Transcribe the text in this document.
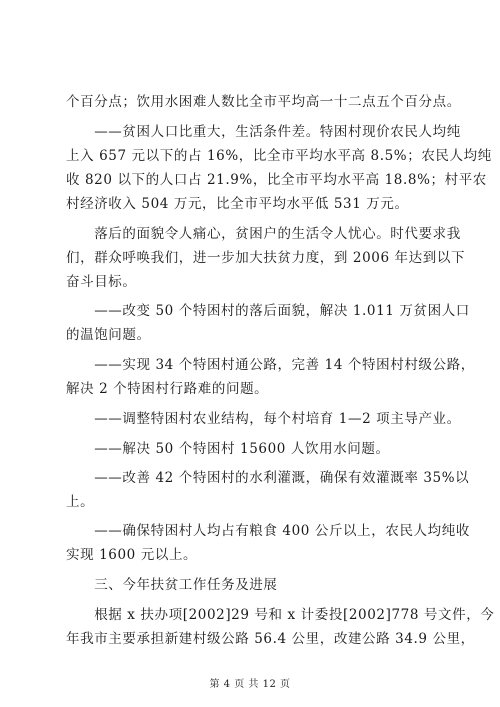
个百分点；饮用水困难人数比全市平均高一十二点五个百分点。
　　——贫困人口比重大，生活条件差。特困村现价农民人均纯
上入 657 元以下的占 16%，比全市平均水平高 8.5%；农民人均纯
收 820 以下的人口占 21.9%，比全市平均水平高 18.8%；村平农
村经济收入 504 万元，比全市平均水平低 531 万元。
　　落后的面貌令人痛心，贫困户的生活令人忧心。时代要求我
们，群众呼唤我们，进一步加大扶贫力度，到 2006 年达到以下
奋斗目标。
　　——改变 50 个特困村的落后面貌，解决 1.011 万贫困人口
的温饱问题。
　　——实现 34 个特困村通公路，完善 14 个特困村村级公路，
解决 2 个特困村行路难的问题。
　　——调整特困村农业结构，每个村培育 1—2 项主导产业。
　　——解决 50 个特困村 15600 人饮用水问题。
　　——改善 42 个特困村的水利灌溉，确保有效灌溉率 35%以
上。
　　——确保特困村人均占有粮食 400 公斤以上，农民人均纯收
实现 1600 元以上。
　　三、今年扶贫工作任务及进展
　　根据 x 扶办项[2002]29 号和 x 计委投[2002]778 号文件，今
年我市主要承担新建村级公路 56.4 公里，改建公路 34.9 公里，
第 4 页 共 12 页
